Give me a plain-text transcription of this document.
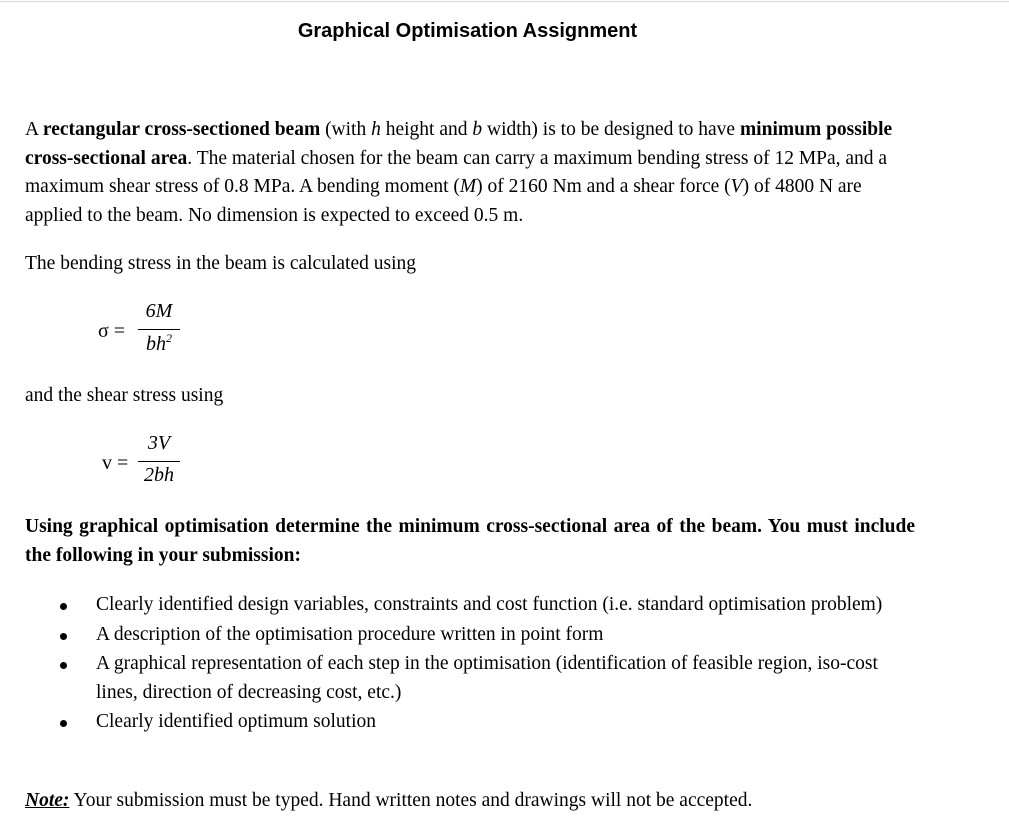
Graphical Optimisation Assignment

A rectangular cross-sectioned beam (with h height and b width) is to be designed to have minimum possible cross-sectional area. The material chosen for the beam can carry a maximum bending stress of 12 MPa, and a maximum shear stress of 0.8 MPa. A bending moment (M) of 2160 Nm and a shear force (V) of 4800 N are applied to the beam. No dimension is expected to exceed 0.5 m.

The bending stress in the beam is calculated using

σ =
6M
$bh^2$

and the shear stress using

v =
3V
2bh

Using graphical optimisation determine the minimum cross-sectional area of the beam. You must include the following in your submission:

Clearly identified design variables, constraints and cost function (i.e. standard optimisation problem)
A description of the optimisation procedure written in point form
A graphical representation of each step in the optimisation (identification of feasible region, iso-cost lines, direction of decreasing cost, etc.)
Clearly identified optimum solution

Note: Your submission must be typed. Hand written notes and drawings will not be accepted.
